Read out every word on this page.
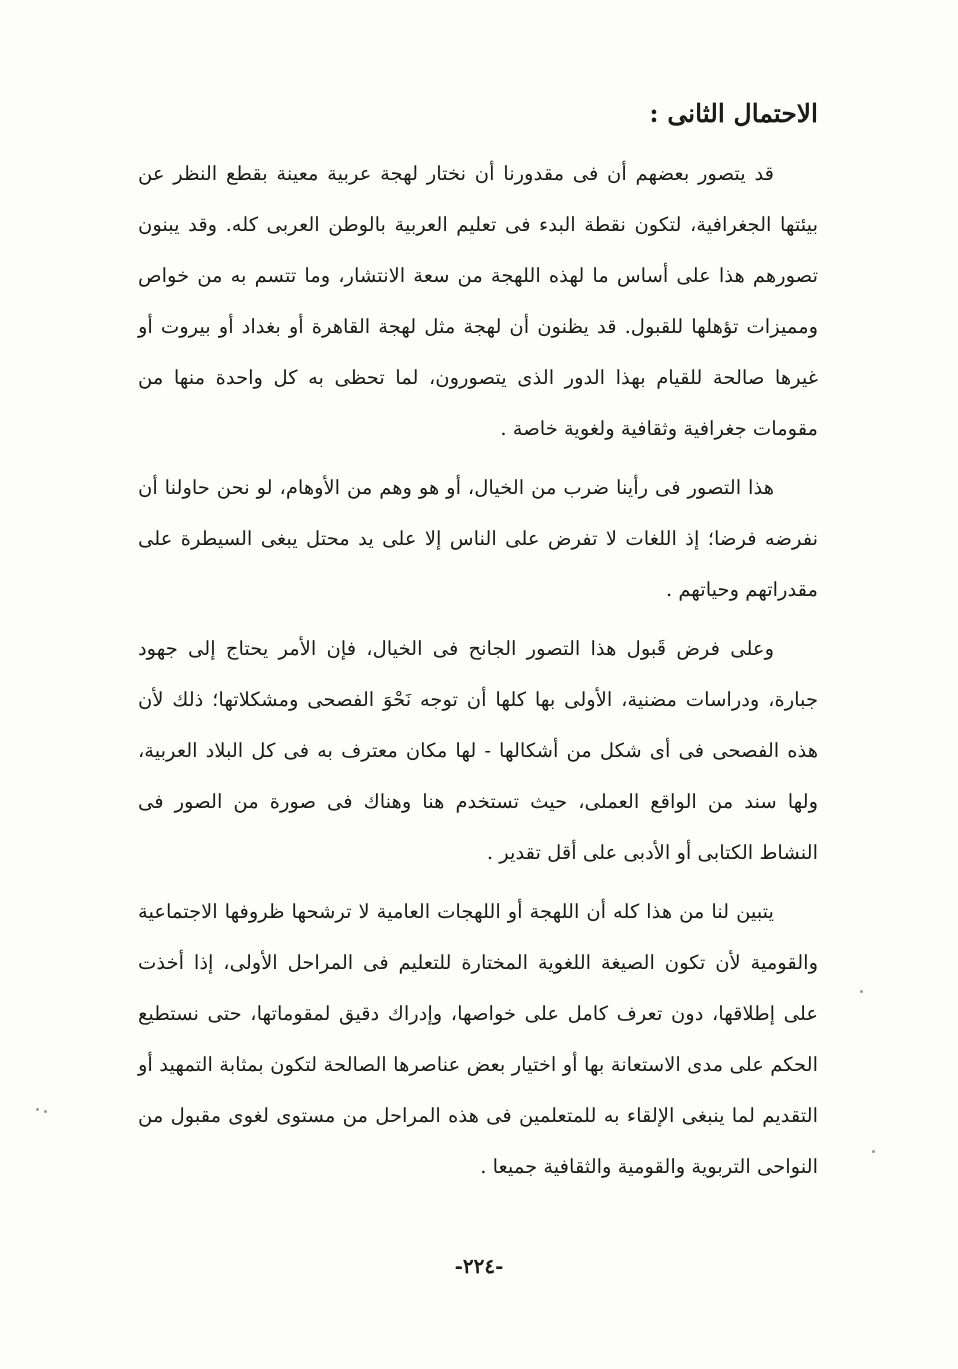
الاحتمال الثانى :

قد يتصور بعضهم أن فى مقدورنا أن نختار لهجة عربية معينة بقطع النظر عن بيئتها الجغرافية، لتكون نقطة البدء فى تعليم العربية بالوطن العربى كله. وقد يبنون تصورهم هذا على أساس ما لهذه اللهجة من سعة الانتشار، وما تتسم به من خواص ومميزات تؤهلها للقبول. قد يظنون أن لهجة مثل لهجة القاهرة أو بغداد أو بيروت أو غيرها صالحة للقيام بهذا الدور الذى يتصورون، لما تحظى به كل واحدة منها من مقومات جغرافية وثقافية ولغوية خاصة .

هذا التصور فى رأينا ضرب من الخيال، أو هو وهم من الأوهام، لو نحن حاولنا أن نفرضه فرضا؛ إذ اللغات لا تفرض على الناس إلا على يد محتل يبغى السيطرة على مقدراتهم وحياتهم .

وعلى فرض قَبول هذا التصور الجانح فى الخيال، فإن الأمر يحتاج إلى جهود جبارة، ودراسات مضنية، الأولى بها كلها أن توجه نَحْوَ الفصحى ومشكلاتها؛ ذلك لأن هذه الفصحى فى أى شكل من أشكالها - لها مكان معترف به فى كل البلاد العربية، ولها سند من الواقع العملى، حيث تستخدم هنا وهناك فى صورة من الصور فى النشاط الكتابى أو الأدبى على أقل تقدير .

يتبين لنا من هذا كله أن اللهجة أو اللهجات العامية لا ترشحها ظروفها الاجتماعية والقومية لأن تكون الصيغة اللغوية المختارة للتعليم فى المراحل الأولى، إذا أخذت على إطلاقها، دون تعرف كامل على خواصها، وإدراك دقيق لمقوماتها، حتى نستطيع الحكم على مدى الاستعانة بها أو اختيار بعض عناصرها الصالحة لتكون بمثابة التمهيد أو التقديم لما ينبغى الإلقاء به للمتعلمين فى هذه المراحل من مستوى لغوى مقبول من النواحى التربوية والقومية والثقافية جميعا .

-٢٢٤-
